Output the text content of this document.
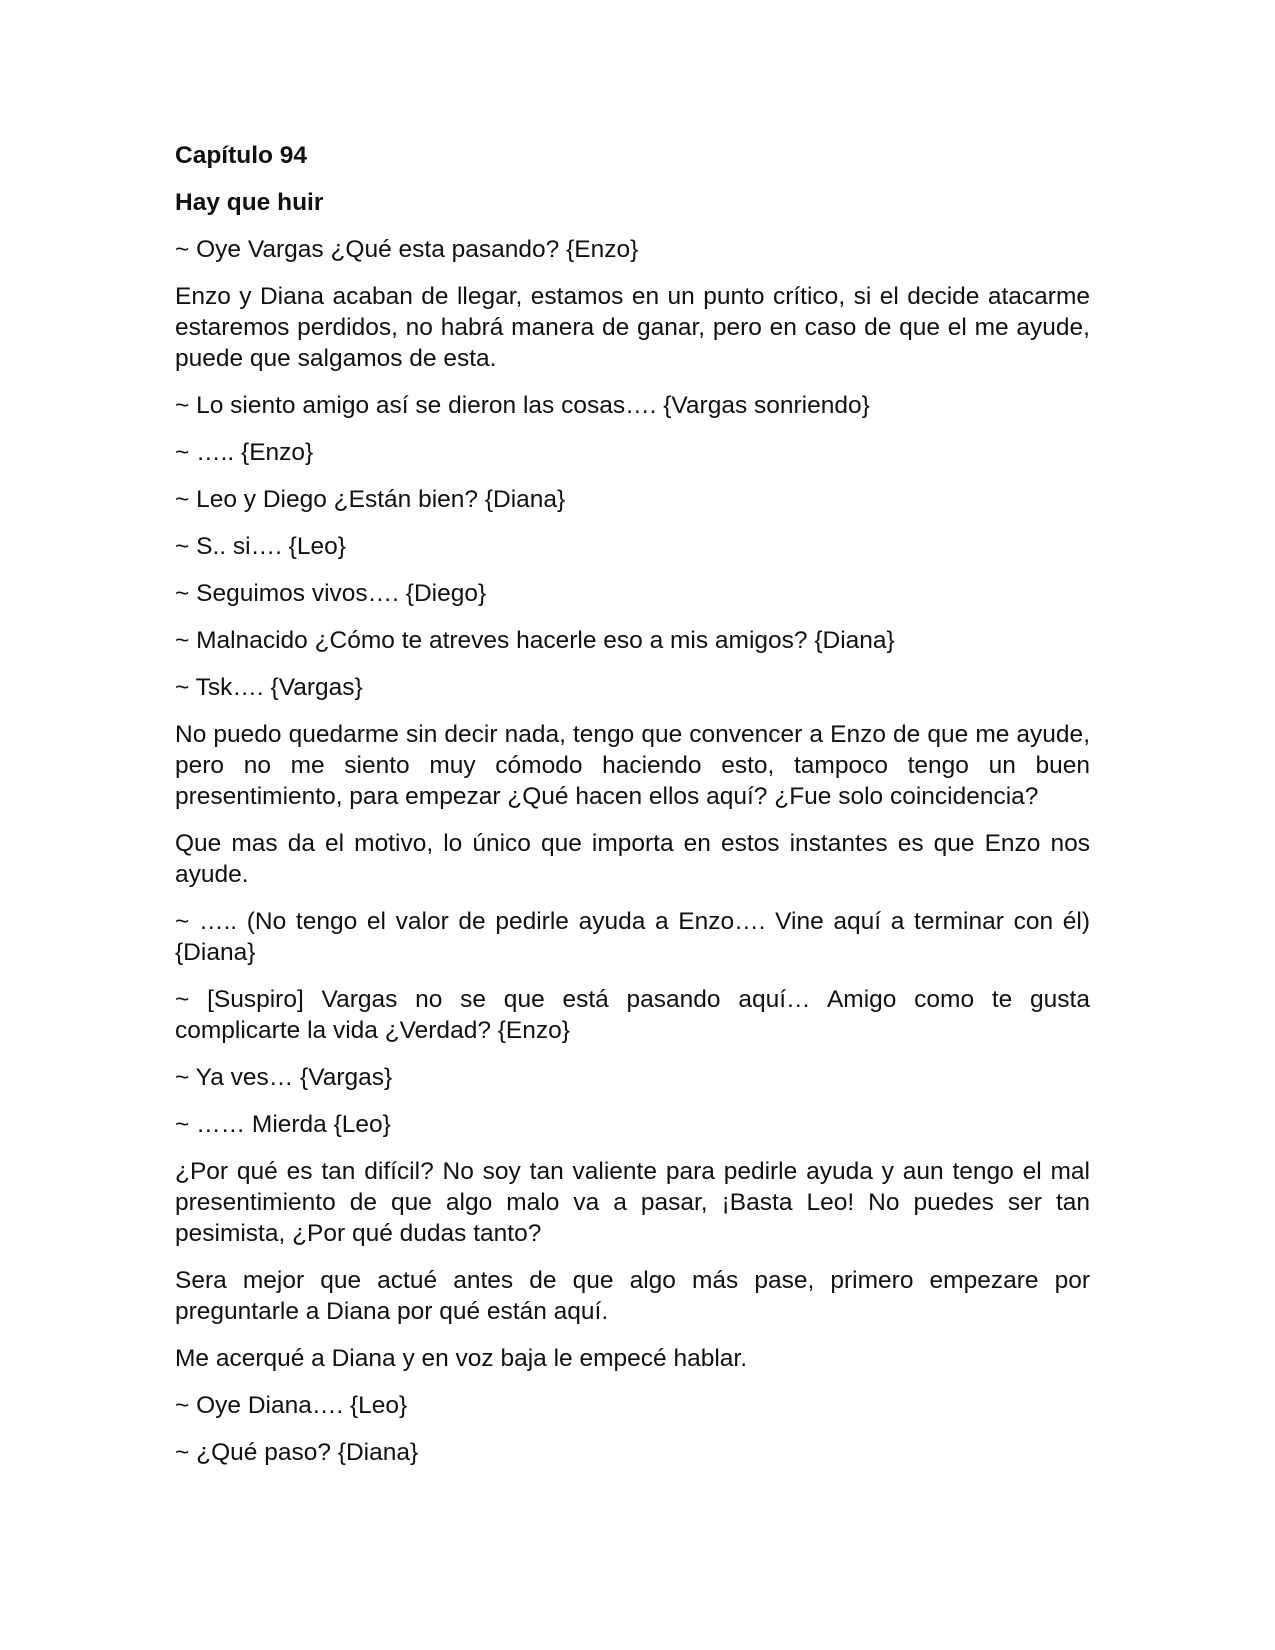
Capítulo 94

Hay que huir

~ Oye Vargas ¿Qué esta pasando? {Enzo}

Enzo y Diana acaban de llegar, estamos en un punto crítico, si el decide atacarme estaremos perdidos, no habrá manera de ganar, pero en caso de que el me ayude, puede que salgamos de esta.

~ Lo siento amigo así se dieron las cosas…. {Vargas sonriendo}

~ ….. {Enzo}

~ Leo y Diego ¿Están bien? {Diana}

~ S.. si…. {Leo}

~ Seguimos vivos…. {Diego}

~ Malnacido ¿Cómo te atreves hacerle eso a mis amigos? {Diana}

~ Tsk…. {Vargas}

No puedo quedarme sin decir nada, tengo que convencer a Enzo de que me ayude, pero no me siento muy cómodo haciendo esto, tampoco tengo un buen presentimiento, para empezar ¿Qué hacen ellos aquí? ¿Fue solo coincidencia?

Que mas da el motivo, lo único que importa en estos instantes es que Enzo nos ayude.

~ ….. (No tengo el valor de pedirle ayuda a Enzo…. Vine aquí a terminar con él) {Diana}

~ [Suspiro] Vargas no se que está pasando aquí… Amigo como te gusta complicarte la vida ¿Verdad? {Enzo}

~ Ya ves… {Vargas}

~ …… Mierda {Leo}

¿Por qué es tan difícil? No soy tan valiente para pedirle ayuda y aun tengo el mal presentimiento de que algo malo va a pasar, ¡Basta Leo! No puedes ser tan pesimista, ¿Por qué dudas tanto?

Sera mejor que actué antes de que algo más pase, primero empezare por preguntarle a Diana por qué están aquí.

Me acerqué a Diana y en voz baja le empecé hablar.

~ Oye Diana…. {Leo}

~ ¿Qué paso? {Diana}
